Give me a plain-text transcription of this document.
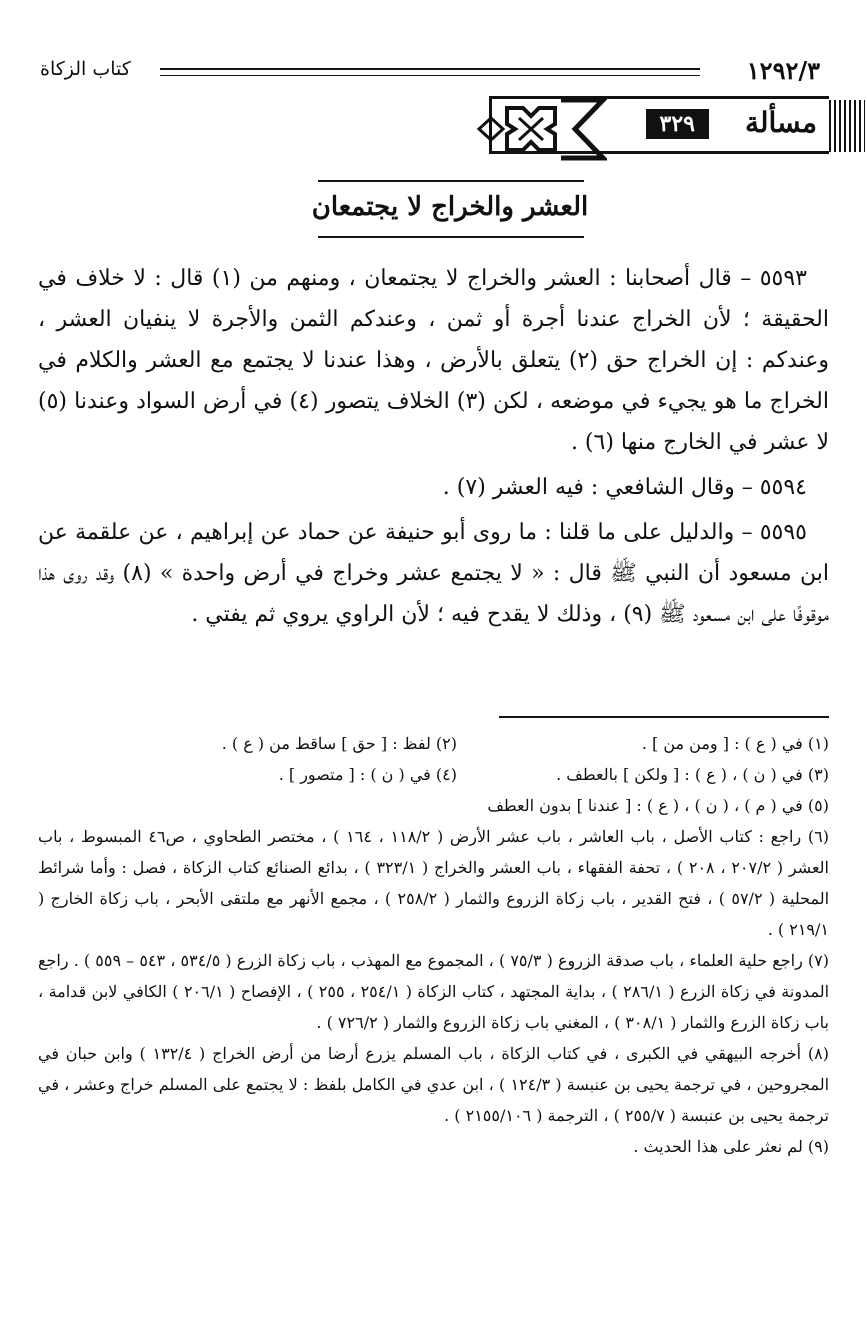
١٢٩٢/٣
كتاب الزكاة
مسألة
٣٢٩
العشر والخراج لا يجتمعان

٥٥٩٣ – قال أصحابنا : العشر والخراج لا يجتمعان ، ومنهم من (١) قال : لا خلاف في الحقيقة ؛ لأن الخراج عندنا أجرة أو ثمن ، وعندكم الثمن والأجرة لا ينفيان العشر ، وعندكم : إن الخراج حق (٢) يتعلق بالأرض ، وهذا عندنا لا يجتمع مع العشر والكلام في الخراج ما هو يجيء في موضعه ، لكن (٣) الخلاف يتصور (٤) في أرض السواد وعندنا (٥) لا عشر في الخارج منها (٦) .

٥٥٩٤ – وقال الشافعي : فيه العشر (٧) .

٥٥٩٥ – والدليل على ما قلنا : ما روى أبو حنيفة عن حماد عن إبراهيم ، عن علقمة عن ابن مسعود أن النبي ﷺ قال : « لا يجتمع عشر وخراج في أرض واحدة » (٨) وقد روى هذا موقوفًا على ابن مسعود ﷺ (٩) ، وذلك لا يقدح فيه ؛ لأن الراوي يروي ثم يفتي .

(١) في ( ع ) : [ ومن من ] .
(٢) لفظ : [ حق ] ساقط من ( ع ) .
(٣) في ( ن ) ، ( ع ) : [ ولكن ] بالعطف .
(٤) في ( ن ) : [ متصور ] .

(٥) في ( م ) ، ( ن ) ، ( ع ) : [ عندنا ] بدون العطف

(٦) راجع : كتاب الأصل ، باب العاشر ، باب عشر الأرض ( ١١٨/٢ ، ١٦٤ ) ، مختصر الطحاوي ، ص٤٦ المبسوط ، باب العشر ( ٢٠٧/٢ ، ٢٠٨ ) ، تحفة الفقهاء ، باب العشر والخراج ( ٣٢٣/١ ) ، بدائع الصنائع كتاب الزكاة ، فصل : وأما شرائط المحلية ( ٥٧/٢ ) ، فتح القدير ، باب زكاة الزروع والثمار ( ٢٥٨/٢ ) ، مجمع الأنهر مع ملتقى الأبحر ، باب زكاة الخارج ( ٢١٩/١ ) .

(٧) راجع حلية العلماء ، باب صدقة الزروع ( ٧٥/٣ ) ، المجموع مع المهذب ، باب زكاة الزرع ( ٥٣٤/٥ ، ٥٤٣ – ٥٥٩ ) . راجع المدونة في زكاة الزرع ( ٢٨٦/١ ) ، بداية المجتهد ، كتاب الزكاة ( ٢٥٤/١ ، ٢٥٥ ) ، الإفصاح ( ٢٠٦/١ ) الكافي لابن قدامة ، باب زكاة الزرع والثمار ( ٣٠٨/١ ) ، المغني باب زكاة الزروع والثمار ( ٧٢٦/٢ ) .

(٨) أخرجه البيهقي في الكبرى ، في كتاب الزكاة ، باب المسلم يزرع أرضا من أرض الخراج ( ١٣٢/٤ ) وابن حبان في المجروحين ، في ترجمة يحيى بن عنبسة ( ١٢٤/٣ ) ، ابن عدي في الكامل بلفظ : لا يجتمع على المسلم خراج وعشر ، في ترجمة يحيى بن عنبسة ( ٢٥٥/٧ ) ، الترجمة ( ٢١٥٥/١٠٦ ) .

(٩) لم نعثر على هذا الحديث .
